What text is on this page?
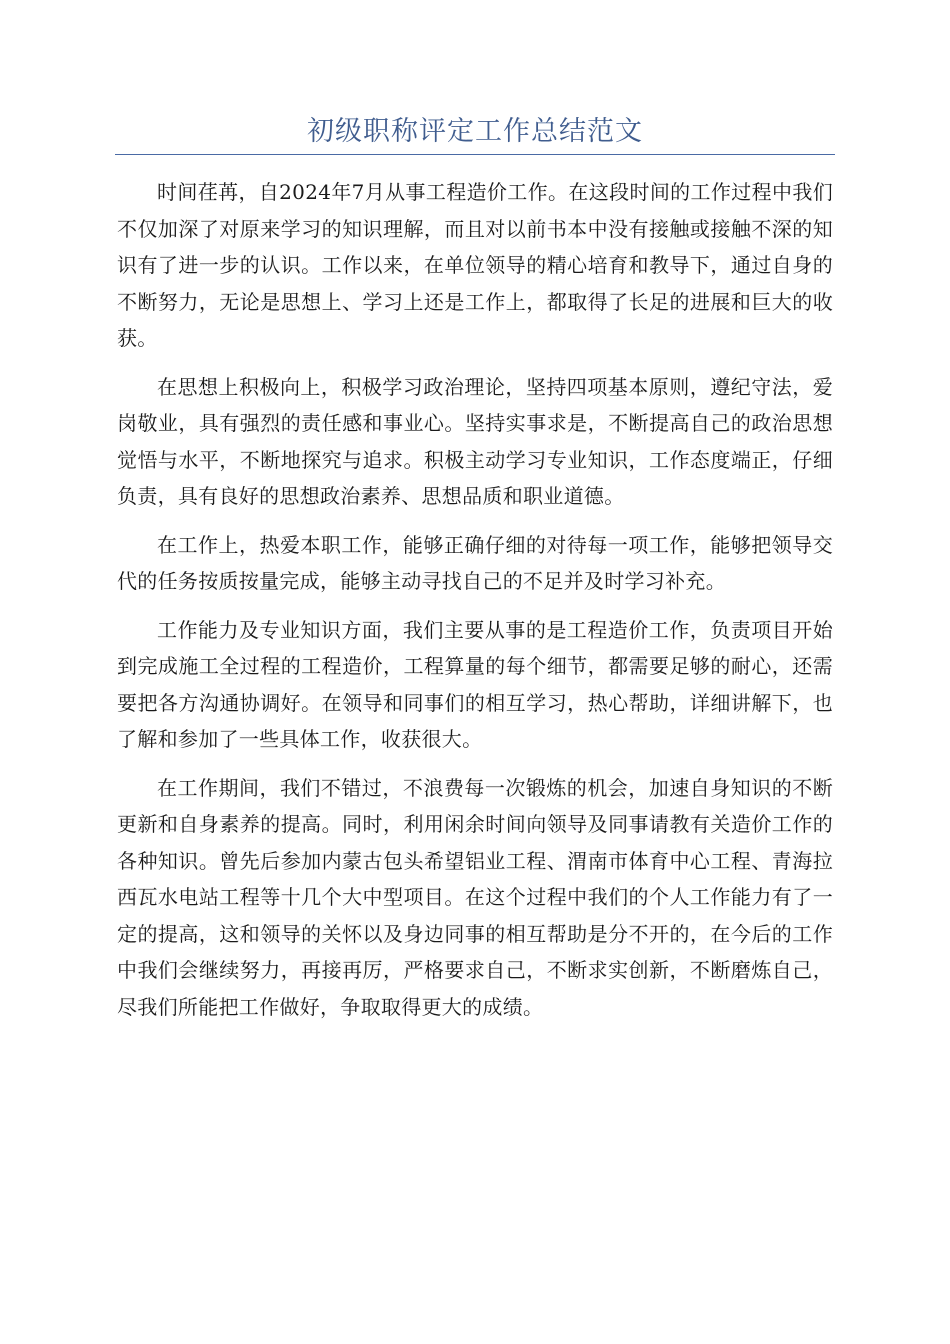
初级职称评定工作总结范文

时间荏苒，自2024年7月从事工程造价工作。在这段时间的工作过程中我们不仅加深了对原来学习的知识理解，而且对以前书本中没有接触或接触不深的知识有了进一步的认识。工作以来，在单位领导的精心培育和教导下，通过自身的不断努力，无论是思想上、学习上还是工作上，都取得了长足的进展和巨大的收获。

在思想上积极向上，积极学习政治理论，坚持四项基本原则，遵纪守法，爱岗敬业，具有强烈的责任感和事业心。坚持实事求是，不断提高自己的政治思想觉悟与水平，不断地探究与追求。积极主动学习专业知识，工作态度端正，仔细负责，具有良好的思想政治素养、思想品质和职业道德。

在工作上，热爱本职工作，能够正确仔细的对待每一项工作，能够把领导交代的任务按质按量完成，能够主动寻找自己的不足并及时学习补充。

工作能力及专业知识方面，我们主要从事的是工程造价工作，负责项目开始到完成施工全过程的工程造价，工程算量的每个细节，都需要足够的耐心，还需要把各方沟通协调好。在领导和同事们的相互学习，热心帮助，详细讲解下，也了解和参加了一些具体工作，收获很大。

在工作期间，我们不错过，不浪费每一次锻炼的机会，加速自身知识的不断更新和自身素养的提高。同时，利用闲余时间向领导及同事请教有关造价工作的各种知识。曾先后参加内蒙古包头希望铝业工程、渭南市体育中心工程、青海拉西瓦水电站工程等十几个大中型项目。在这个过程中我们的个人工作能力有了一定的提高，这和领导的关怀以及身边同事的相互帮助是分不开的，在今后的工作中我们会继续努力，再接再厉，严格要求自己，不断求实创新，不断磨炼自己，尽我们所能把工作做好，争取取得更大的成绩。
